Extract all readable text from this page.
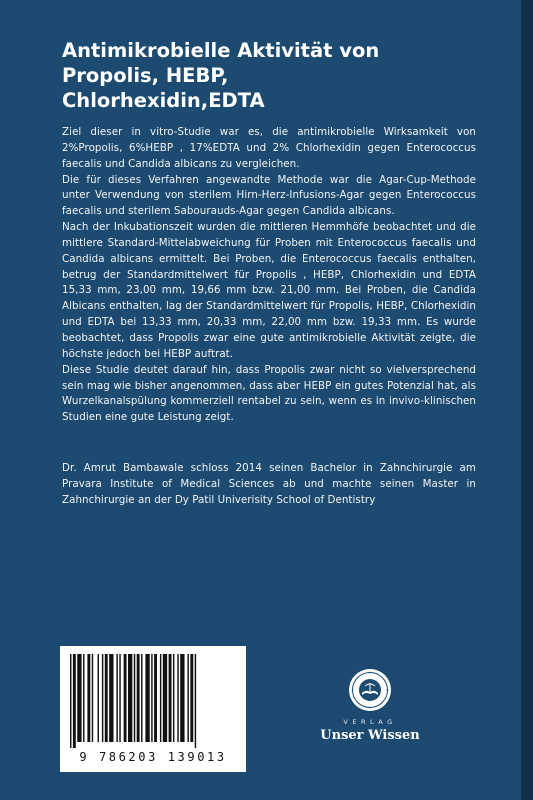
Antimikrobielle Aktivität von
Propolis, HEBP,
Chlorhexidin,EDTA

Ziel dieser in vitro-Studie war es, die antimikrobielle Wirksamkeit von 2%Propolis, 6%HEBP , 17%EDTA und 2% Chlorhexidin gegen Enterococcus faecalis und Candida albicans zu vergleichen.

Die für dieses Verfahren angewandte Methode war die Agar-Cup-Methode unter Verwendung von sterilem Hirn-Herz-Infusions-Agar gegen Enterococcus faecalis und sterilem Sabourauds-Agar gegen Candida albicans.

Nach der Inkubationszeit wurden die mittleren Hemmhöfe beobachtet und die mittlere Standard-Mittelabweichung für Proben mit Enterococcus faecalis und Candida albicans ermittelt. Bei Proben, die Enterococcus faecalis enthalten, betrug der Standardmittelwert für Propolis , HEBP, Chlorhexidin und EDTA 15,33 mm, 23,00 mm, 19,66 mm bzw. 21,00 mm. Bei Proben, die Candida Albicans enthalten, lag der Standardmittelwert für Propolis, HEBP, Chlorhexidin und EDTA bei 13,33 mm, 20,33 mm, 22,00 mm bzw. 19,33 mm. Es wurde beobachtet, dass Propolis zwar eine gute antimikrobielle Aktivität zeigte, die höchste jedoch bei HEBP auftrat.

Diese Studie deutet darauf hin, dass Propolis zwar nicht so vielversprechend sein mag wie bisher angenommen, dass aber HEBP ein gutes Potenzial hat, als Wurzelkanalspülung kommerziell rentabel zu sein, wenn es in invivo-klinischen Studien eine gute Leistung zeigt.

Dr. Amrut Bambawale schloss 2014 seinen Bachelor in Zahnchirurgie am Pravara Institute of Medical Sciences ab und machte seinen Master in Zahnchirurgie an der Dy Patil Univerisity School of Dentistry

9 786203 139013
VERLAG
Unser Wissen
